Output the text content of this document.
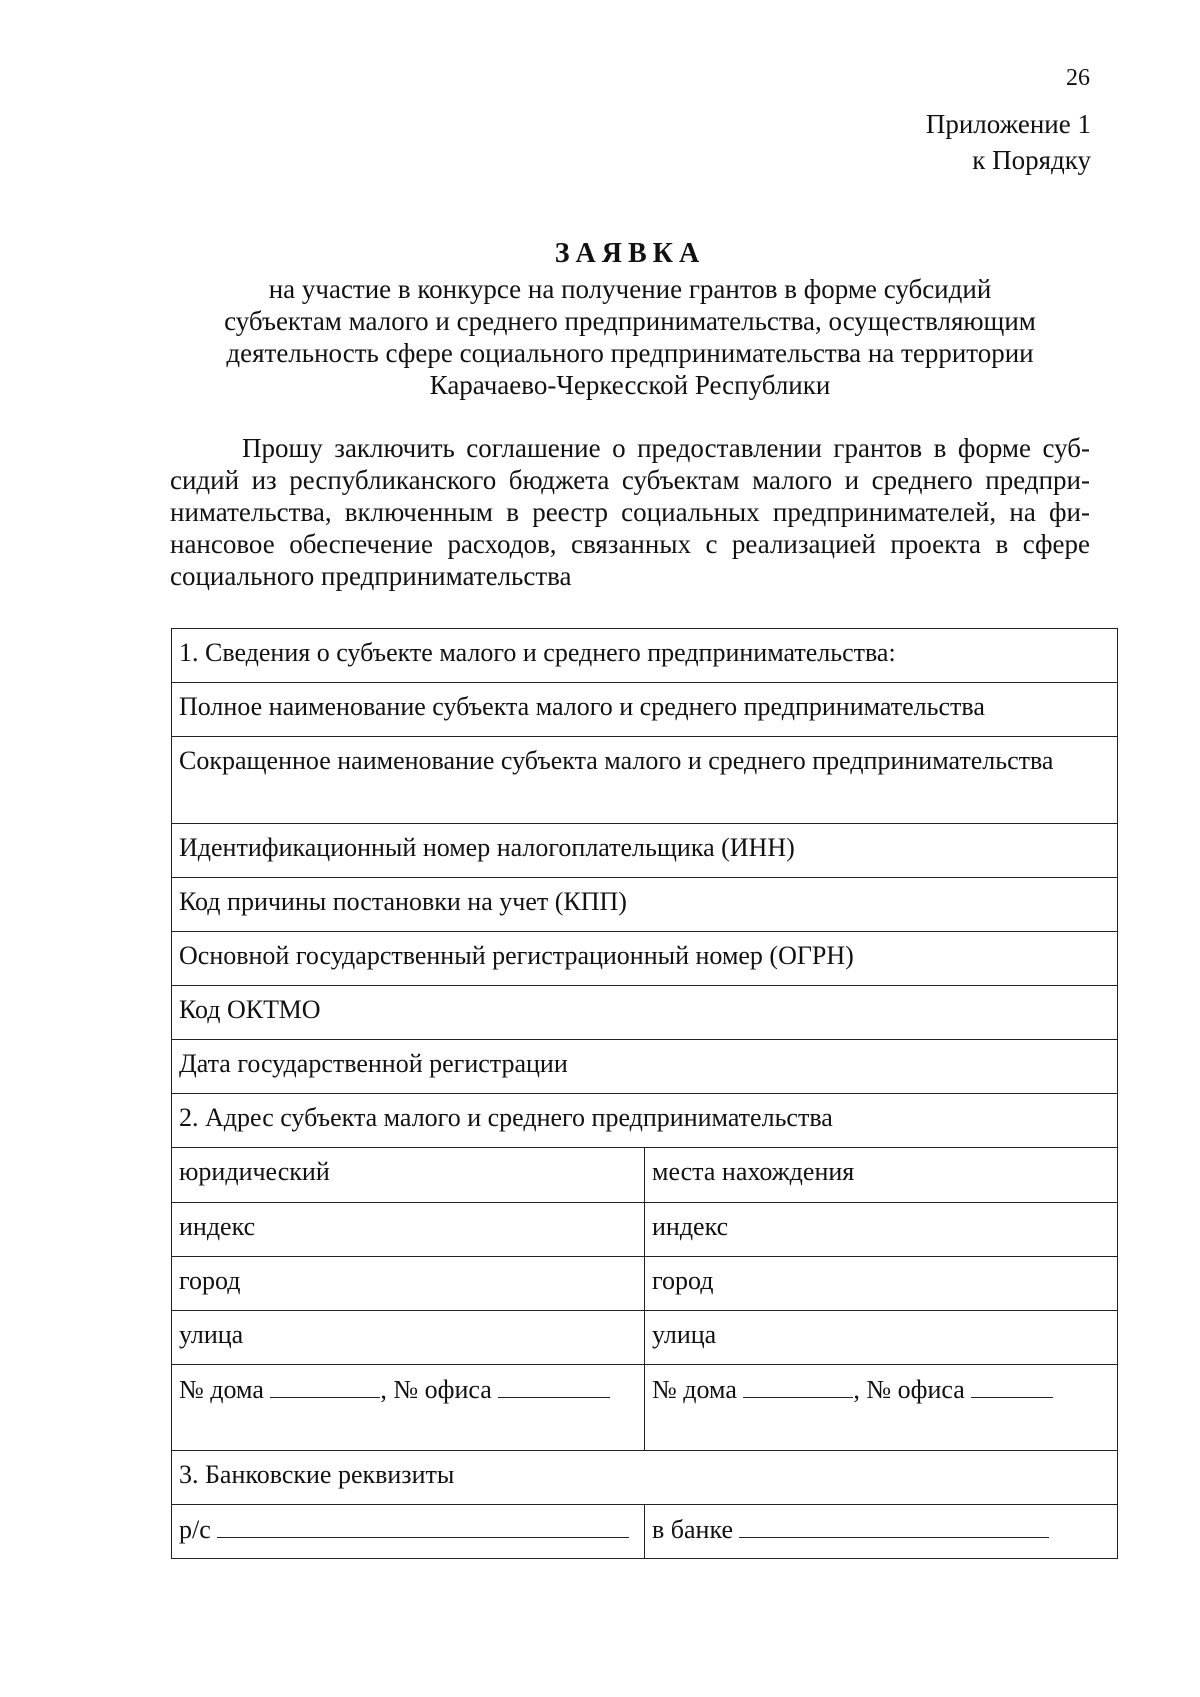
26
Приложение 1
к Порядку
ЗАЯВКА
на участие в конкурсе на получение грантов в форме субсидий
субъектам малого и среднего предпринимательства, осуществляющим
деятельность сфере социального предпринимательства на территории
Карачаево-Черкесской Республики
Прошу заключить соглашение о предоставлении грантов в форме субсидий из республиканского бюджета субъектам малого и среднего предпринимательства, включенным в реестр социальных предпринимателей, на финансовое обеспечение расходов, связанных с реализацией проекта в сфере социального предпринимательства
1. Сведения о субъекте малого и среднего предпринимательства:	
Полное наименование субъекта малого и среднего предпринимательства	
Сокращенное наименование субъекта малого и среднего предпринимательства	
Идентификационный номер налогоплательщика (ИНН)	
Код причины постановки на учет (КПП)	
Основной государственный регистрационный номер (ОГРН)	
Код ОКТМО	
Дата государственной регистрации	
2. Адрес субъекта малого и среднего предпринимательства	
юридический	места нахождения
индекс	индекс
город	город
улица	улица
№ дома , № офиса	№ дома , № офиса
3. Банковские реквизиты	
р/с	в банке
